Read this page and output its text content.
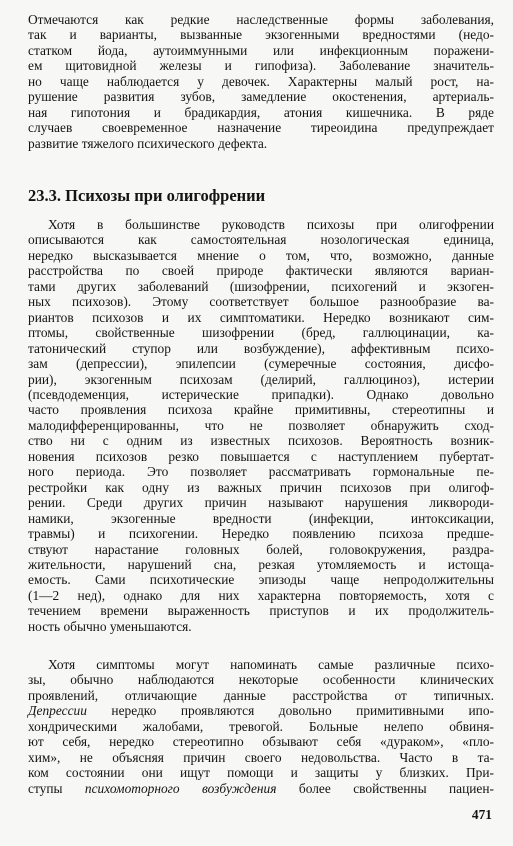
Отмечаются как редкие наследственные формы заболевания,
так и варианты, вызванные экзогенными вредностями (недо-
статком йода, аутоиммунными или инфекционным поражени-
ем щитовидной железы и гипофиза). Заболевание значитель-
но чаще наблюдается у девочек. Характерны малый рост, на-
рушение развития зубов, замедление окостенения, артериаль-
ная гипотония и брадикардия, атония кишечника. В ряде
случаев своевременное назначение тиреоидина предупреждает
развитие тяжелого психического дефекта.
23.3. Психозы при олигофрении
Хотя в большинстве руководств психозы при олигофрении
описываются как самостоятельная нозологическая единица,
нередко высказывается мнение о том, что, возможно, данные
расстройства по своей природе фактически являются вариан-
тами других заболеваний (шизофрении, психогений и экзоген-
ных психозов). Этому соответствует большое разнообразие ва-
риантов психозов и их симптоматики. Нередко возникают сим-
птомы, свойственные шизофрении (бред, галлюцинации, ка-
татонический ступор или возбуждение), аффективным психо-
зам (депрессии), эпилепсии (сумеречные состояния, дисфо-
рии), экзогенным психозам (делирий, галлюциноз), истерии
(псевдодеменция, истерические припадки). Однако довольно
часто проявления психоза крайне примитивны, стереотипны и
малодифференцированны, что не позволяет обнаружить сход-
ство ни с одним из известных психозов. Вероятность возник-
новения психозов резко повышается с наступлением пубертат-
ного периода. Это позволяет рассматривать гормональные пе-
рестройки как одну из важных причин психозов при олигоф-
рении. Среди других причин называют нарушения ликвороди-
намики, экзогенные вредности (инфекции, интоксикации,
травмы) и психогении. Нередко появлению психоза предше-
ствуют нарастание головных болей, головокружения, раздра-
жительности, нарушений сна, резкая утомляемость и истоща-
емость. Сами психотические эпизоды чаще непродолжительны
(1—2 нед), однако для них характерна повторяемость, хотя с
течением времени выраженность приступов и их продолжитель-
ность обычно уменьшаются.
Хотя симптомы могут напоминать самые различные психо-
зы, обычно наблюдаются некоторые особенности клинических
проявлений, отличающие данные расстройства от типичных.
Депрессии нередко проявляются довольно примитивными ипо-
хондрическими жалобами, тревогой. Больные нелепо обвиня-
ют себя, нередко стереотипно обзывают себя «дураком», «пло-
хим», не объясняя причин своего недовольства. Часто в та-
ком состоянии они ищут помощи и защиты у близких. При-
ступы психомоторного возбуждения более свойственны пациен-
471
